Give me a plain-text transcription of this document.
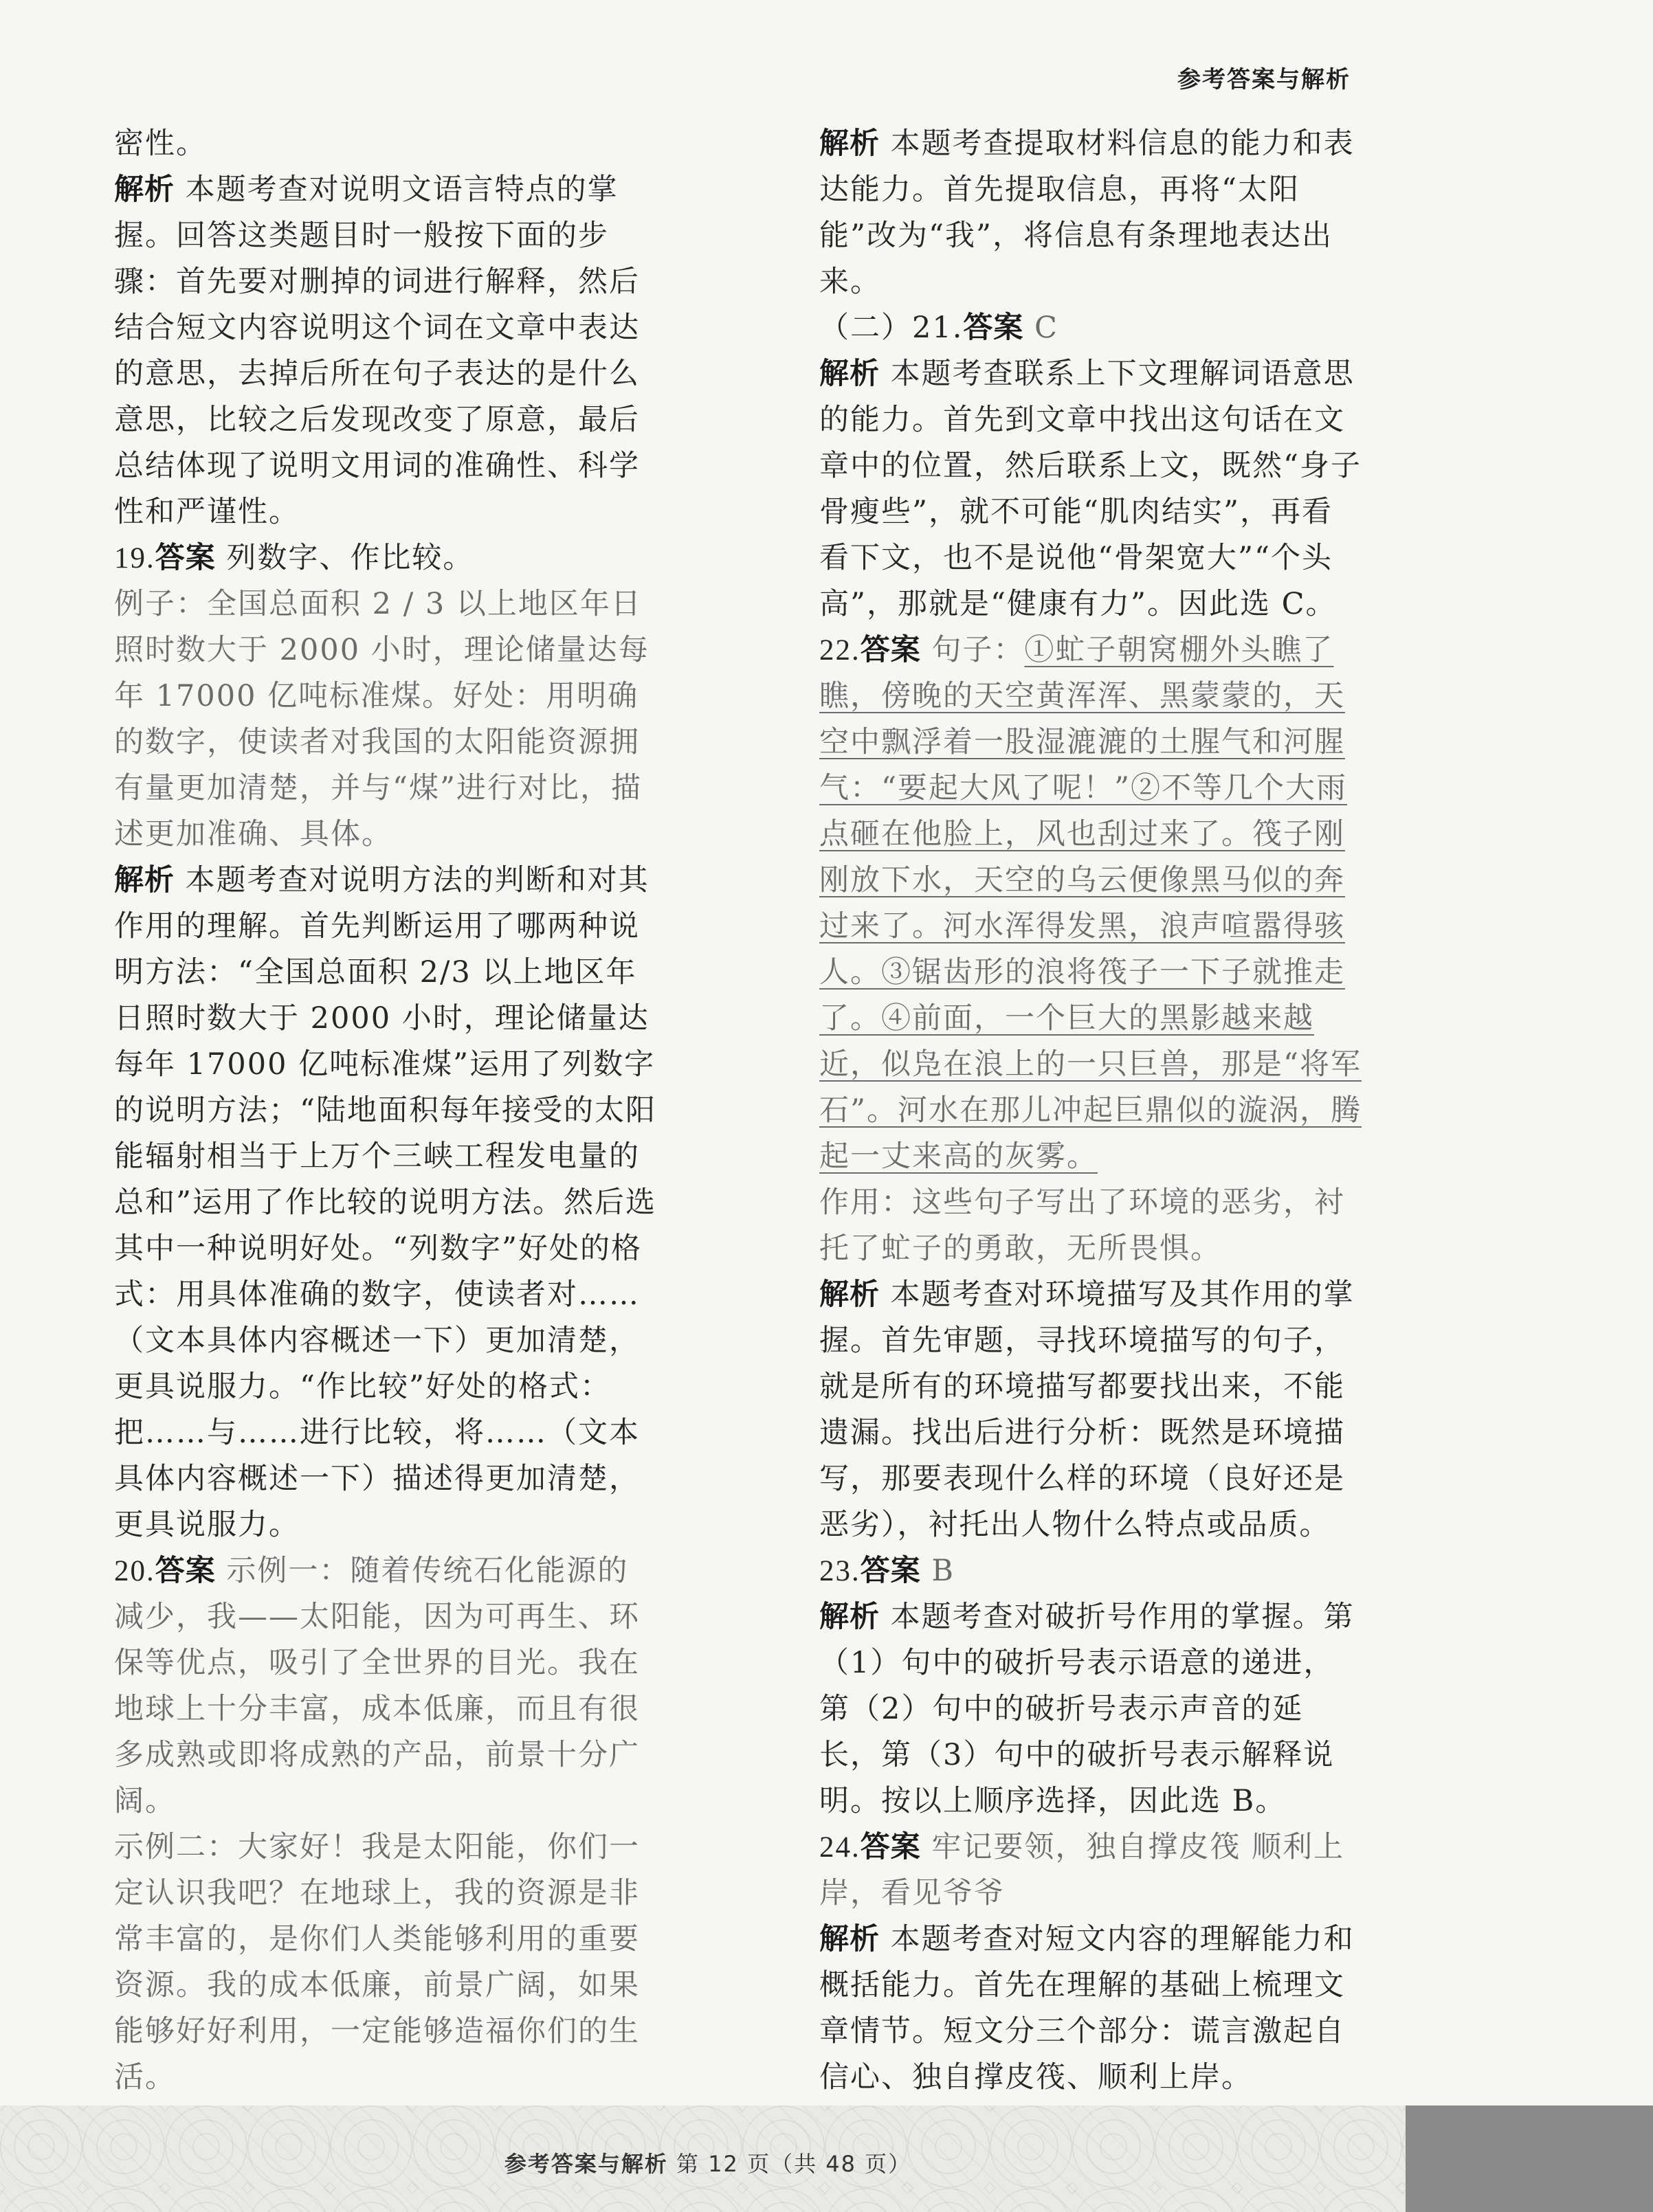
参考答案与解析

密性。

解析 本题考查对说明文语言特点的掌握。回答这类题目时一般按下面的步骤：首先要对删掉的词进行解释，然后结合短文内容说明这个词在文章中表达的意思，去掉后所在句子表达的是什么意思，比较之后发现改变了原意，最后总结体现了说明文用词的准确性、科学性和严谨性。

19.答案 列数字、作比较。

例子：全国总面积 2 / 3 以上地区年日照时数大于 2000 小时，理论储量达每年 17000 亿吨标准煤。好处：用明确的数字，使读者对我国的太阳能资源拥有量更加清楚，并与“煤”进行对比，描述更加准确、具体。

解析 本题考查对说明方法的判断和对其作用的理解。首先判断运用了哪两种说明方法：“全国总面积 2/3 以上地区年日照时数大于 2000 小时，理论储量达每年 17000 亿吨标准煤”运用了列数字的说明方法；“陆地面积每年接受的太阳能辐射相当于上万个三峡工程发电量的总和”运用了作比较的说明方法。然后选其中一种说明好处。“列数字”好处的格式：用具体准确的数字，使读者对……（文本具体内容概述一下）更加清楚，更具说服力。“作比较”好处的格式：把……与……进行比较，将……（文本具体内容概述一下）描述得更加清楚，更具说服力。

20.答案 示例一：随着传统石化能源的减少，我——太阳能，因为可再生、环保等优点，吸引了全世界的目光。我在地球上十分丰富，成本低廉，而且有很多成熟或即将成熟的产品，前景十分广阔。

示例二：大家好！我是太阳能，你们一定认识我吧？在地球上，我的资源是非常丰富的，是你们人类能够利用的重要资源。我的成本低廉，前景广阔，如果能够好好利用，一定能够造福你们的生活。

解析 本题考查提取材料信息的能力和表达能力。首先提取信息，再将“太阳能”改为“我”，将信息有条理地表达出来。

（二）21.答案 C

解析 本题考查联系上下文理解词语意思的能力。首先到文章中找出这句话在文章中的位置，然后联系上文，既然“身子骨瘦些”，就不可能“肌肉结实”，再看看下文，也不是说他“骨架宽大”“个头高”，那就是“健康有力”。因此选 C。

22.答案 句子：①虻子朝窝棚外头瞧了瞧，傍晚的天空黄浑浑、黑蒙蒙的，天空中飘浮着一股湿漉漉的土腥气和河腥气：“要起大风了呢！”②不等几个大雨点砸在他脸上，风也刮过来了。筏子刚刚放下水，天空的乌云便像黑马似的奔过来了。河水浑得发黑，浪声喧嚣得骇人。③锯齿形的浪将筏子一下子就推走了。④前面，一个巨大的黑影越来越近，似凫在浪上的一只巨兽，那是“将军石”。河水在那儿冲起巨鼎似的漩涡，腾起一丈来高的灰雾。

作用：这些句子写出了环境的恶劣，衬托了虻子的勇敢，无所畏惧。

解析 本题考查对环境描写及其作用的掌握。首先审题，寻找环境描写的句子，就是所有的环境描写都要找出来，不能遗漏。找出后进行分析：既然是环境描写，那要表现什么样的环境（良好还是恶劣），衬托出人物什么特点或品质。

23.答案 B

解析 本题考查对破折号作用的掌握。第（1）句中的破折号表示语意的递进，第（2）句中的破折号表示声音的延长，第（3）句中的破折号表示解释说明。按以上顺序选择，因此选 B。

24.答案 牢记要领，独自撑皮筏 顺利上岸，看见爷爷

解析 本题考查对短文内容的理解能力和概括能力。首先在理解的基础上梳理文章情节。短文分三个部分：谎言激起自信心、独自撑皮筏、顺利上岸。

参考答案与解析 第 12 页（共 48 页）
